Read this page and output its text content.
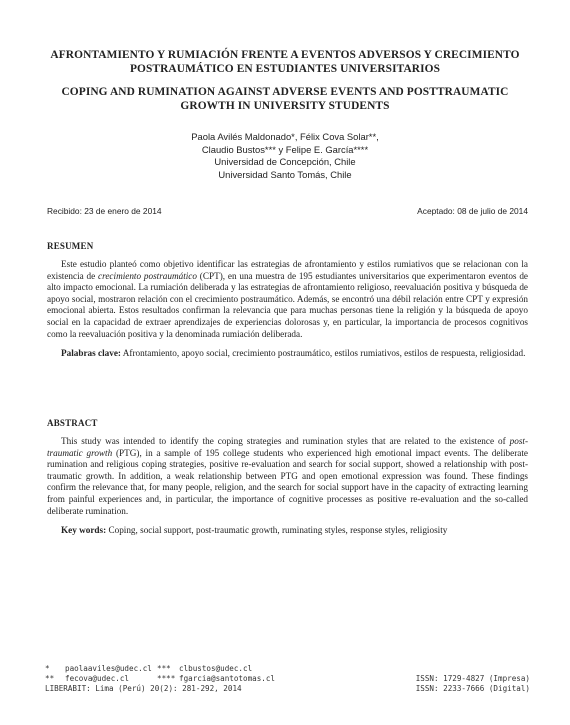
AFRONTAMIENTO Y RUMIACIÓN FRENTE A EVENTOS ADVERSOS Y CRECIMIENTO POSTRAUMÁTICO EN ESTUDIANTES UNIVERSITARIOS

COPING AND RUMINATION AGAINST ADVERSE EVENTS AND POSTTRAUMATIC GROWTH IN UNIVERSITY STUDENTS

Paola Avilés Maldonado*, Félix Cova Solar**,
Claudio Bustos*** y Felipe E. García****
Universidad de Concepción, Chile
Universidad Santo Tomás, Chile
Recibido: 23 de enero de 2014	Aceptado: 08 de julio de 2014

RESUMEN

Este estudio planteó como objetivo identificar las estrategias de afrontamiento y estilos rumiativos que se relacionan con la existencia de crecimiento postraumático (CPT), en una muestra de 195 estudiantes universitarios que experimentaron eventos de alto impacto emocional. La rumiación deliberada y las estrategias de afrontamiento religioso, reevaluación positiva y búsqueda de apoyo social, mostraron relación con el crecimiento postraumático. Además, se encontró una débil relación entre CPT y expresión emocional abierta. Estos resultados confirman la relevancia que para muchas personas tiene la religión y la búsqueda de apoyo social en la capacidad de extraer aprendizajes de experiencias dolorosas y, en particular, la importancia de procesos cognitivos como la reevaluación positiva y la denominada rumiación deliberada.

Palabras clave: Afrontamiento, apoyo social, crecimiento postraumático, estilos rumiativos, estilos de respuesta, religiosidad.

ABSTRACT

This study was intended to identify the coping strategies and rumination styles that are related to the existence of post-traumatic growth (PTG), in a sample of 195 college students who experienced high emotional impact events. The deliberate rumination and religious coping strategies, positive re-evaluation and search for social support, showed a relationship with post-traumatic growth. In addition, a weak relationship between PTG and open emotional expression was found. These findings confirm the relevance that, for many people, religion, and the search for social support have in the capacity of extracting learning from painful experiences and, in particular, the importance of cognitive processes as positive re-evaluation and the so-called deliberate rumination.

Key words: Coping, social support, post-traumatic growth, ruminating styles, response styles, religiosity

* paolaaviles@udec.cl *** clbustos@udec.cl
** fecova@udec.cl	**** fgarcia@santotomas.cl	ISSN: 1729-4827 (Impresa)
LIBERABIT: Lima (Perú) 20(2): 281-292, 2014	ISSN: 2233-7666 (Digital)
